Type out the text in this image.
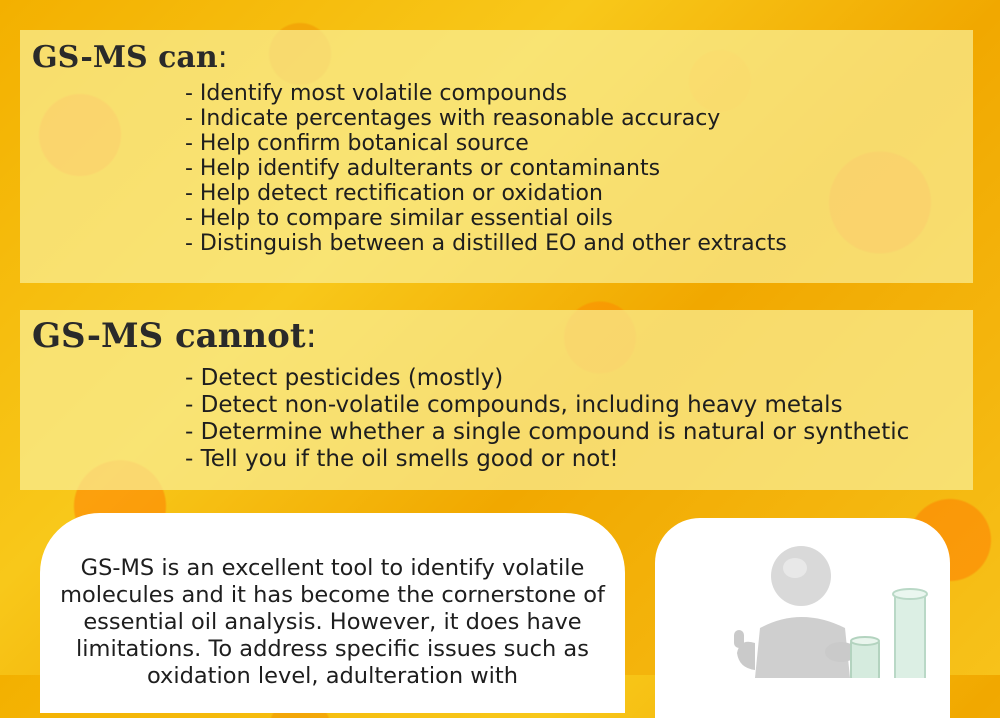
GS-MS can:
- Identify most volatile compounds
- Indicate percentages with reasonable accuracy
- Help confirm botanical source
- Help identify adulterants or contaminants
- Help detect rectification or oxidation
- Help to compare similar essential oils
- Distinguish between a distilled EO and other extracts
GS-MS cannot:
- Detect pesticides (mostly)
- Detect non-volatile compounds, including heavy metals
- Determine whether a single compound is natural or synthetic
- Tell you if the oil smells good or not!
GS-MS is an excellent tool to identify volatile molecules and it has become the cornerstone of essential oil analysis. However, it does have limitations. To address specific issues such as oxidation level, adulteration with
